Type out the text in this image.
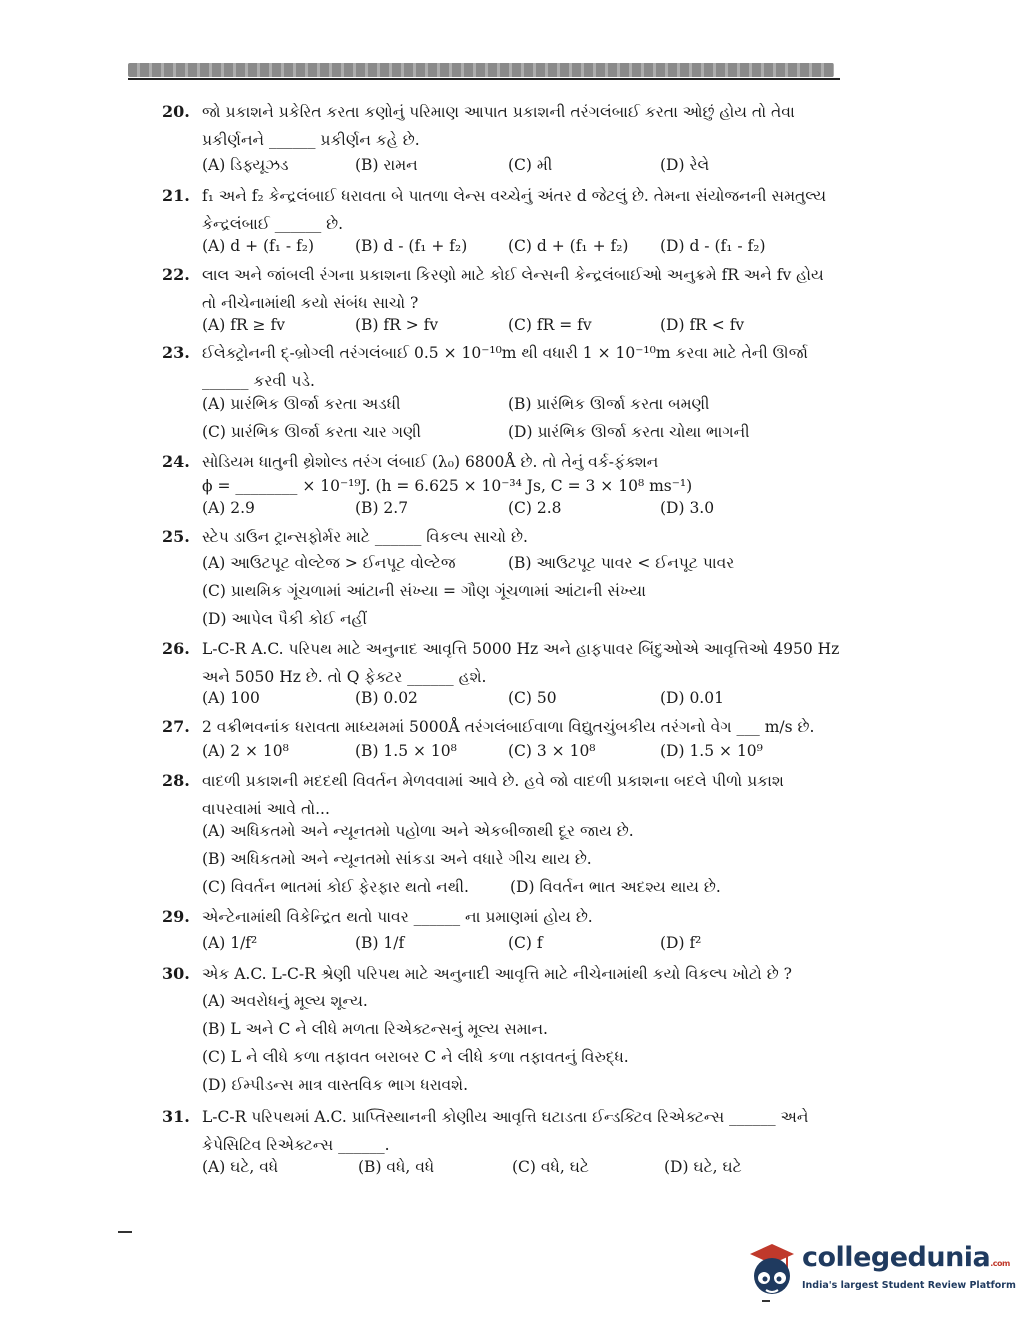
20. જો પ્રકાશને પ્રકેરિત કરતા કણોનું પરિમાણ આપાત પ્રકાશની તરંગલંબાઈ કરતા ઓછું હોય તો તેવા પ્રકીર્ણનને ______ પ્રકીર્ણન કહે છે.
(A) ડિફ્યૂઝડ	(B) રામન	(C) મી	(D) રેલે
21. f₁ અને f₂ કેન્દ્રલંબાઈ ધરાવતા બે પાતળા લેન્સ વચ્ચેનું અંતર d જેટલું છે. તેમના સંયોજનની સમતુલ્ય કેન્દ્રલંબાઈ ______ છે.
(A) d + (f₁ - f₂)	(B) d - (f₁ + f₂)	(C) d + (f₁ + f₂) (D) d - (f₁ - f₂)
22. લાલ અને જાંબલી રંગના પ્રકાશના કિરણો માટે કોઈ લેન્સની કેન્દ્રલંબાઈઓ અનુક્રમે fR અને fv હોય તો નીચેનામાંથી કયો સંબંધ સાચો ?
(A) fR ≥ fv	(B) fR > fv	(C) fR = fv	(D) fR < fv
23. ઈલેક્ટ્રોનની દ્-બ્રોગ્લી તરંગલંબાઈ 0.5 × 10⁻¹⁰m થી વધારી 1 × 10⁻¹⁰m કરવા માટે તેની ઊર્જા ______ કરવી પડે.
(A) પ્રારંભિક ઊર્જા કરતા અડધી	(B) પ્રારંભિક ઊર્જા કરતા બમણી
(C) પ્રારંભિક ઊર્જા કરતા ચાર ગણી	(D) પ્રારંભિક ઊર્જા કરતા ચોથા ભાગની
24. સોડિયમ ધાતુની થ્રેશોલ્ડ તરંગ લંબાઈ (λ₀) 6800Å છે. તો તેનું વર્ક-ફંક્શન
ϕ = ________ × 10⁻¹⁹J. (h = 6.625 × 10⁻³⁴ Js, C = 3 × 10⁸ ms⁻¹)
(A) 2.9	(B) 2.7	(C) 2.8	(D) 3.0
25. સ્ટેપ ડાઉન ટ્રાન્સફોર્મર માટે ______ વિકલ્પ સાચો છે.
(A) આઉટપૂટ વોલ્ટેજ > ઈનપૂટ વોલ્ટેજ	(B) આઉટપૂટ પાવર < ઈનપૂટ પાવર
(C) પ્રાથમિક ગૂંચળામાં આંટાની સંખ્યા = ગૌણ ગૂંચળામાં આંટાની સંખ્યા
(D) આપેલ પૈકી કોઈ નહીં
26. L-C-R A.C. પરિપથ માટે અનુનાદ આવૃત્તિ 5000 Hz અને હાફપાવર બિંદુઓએ આવૃત્તિઓ 4950 Hz અને 5050 Hz છે. તો Q ફેક્ટર ______ હશે.
(A) 100	(B) 0.02	(C) 50	(D) 0.01
27. 2 વક્રીભવનાંક ધરાવતા માધ્યમમાં 5000Å તરંગલંબાઈવાળા વિદ્યુતચુંબકીય તરંગનો વેગ ___ m/s છે.
(A) 2 × 10⁸	(B) 1.5 × 10⁸	(C) 3 × 10⁸	(D) 1.5 × 10⁹
28. વાદળી પ્રકાશની મદદથી વિવર્તન મેળવવામાં આવે છે. હવે જો વાદળી પ્રકાશના બદલે પીળો પ્રકાશ વાપરવામાં આવે તો...
(A) અધિકતમો અને ન્યૂનતમો પહોળા અને એકબીજાથી દૂર જાય છે.
(B) અધિકતમો અને ન્યૂનતમો સાંકડા અને વધારે ગીચ થાય છે.
(C) વિવર્તન ભાતમાં કોઈ ફેરફાર થતો નથી.	(D) વિવર્તન ભાત અદશ્ય થાય છે.
29. એન્ટેનામાંથી વિકેન્દ્રિત થતો પાવર ______ ના પ્રમાણમાં હોય છે.
(A) 1/f²	(B) 1/f	(C) f	(D) f²
30. એક A.C. L-C-R શ્રેણી પરિપથ માટે અનુનાદી આવૃત્તિ માટે નીચેનામાંથી કયો વિકલ્પ ખોટો છે ?
(A) અવરોધનું મૂલ્ય શૂન્ય.
(B) L અને C ને લીધે મળતા રિએક્ટન્સનું મૂલ્ય સમાન.
(C) L ને લીધે કળા તફાવત બરાબર C ને લીધે કળા તફાવતનું વિરુદ્ધ.
(D) ઈમ્પીડન્સ માત્ર વાસ્તવિક ભાગ ધરાવશે.
31. L-C-R પરિપથમાં A.C. પ્રાપ્તિસ્થાનની કોણીય આવૃત્તિ ઘટાડતા ઈન્ડક્ટિવ રિએક્ટન્સ ______ અને કેપેસિટિવ રિએક્ટન્સ ______.
(A) ઘટે, વધે	(B) વધે, વધે	(C) વધે, ઘટે	(D) ઘટે, ઘટે
collegedunia.com
India's largest Student Review Platform
